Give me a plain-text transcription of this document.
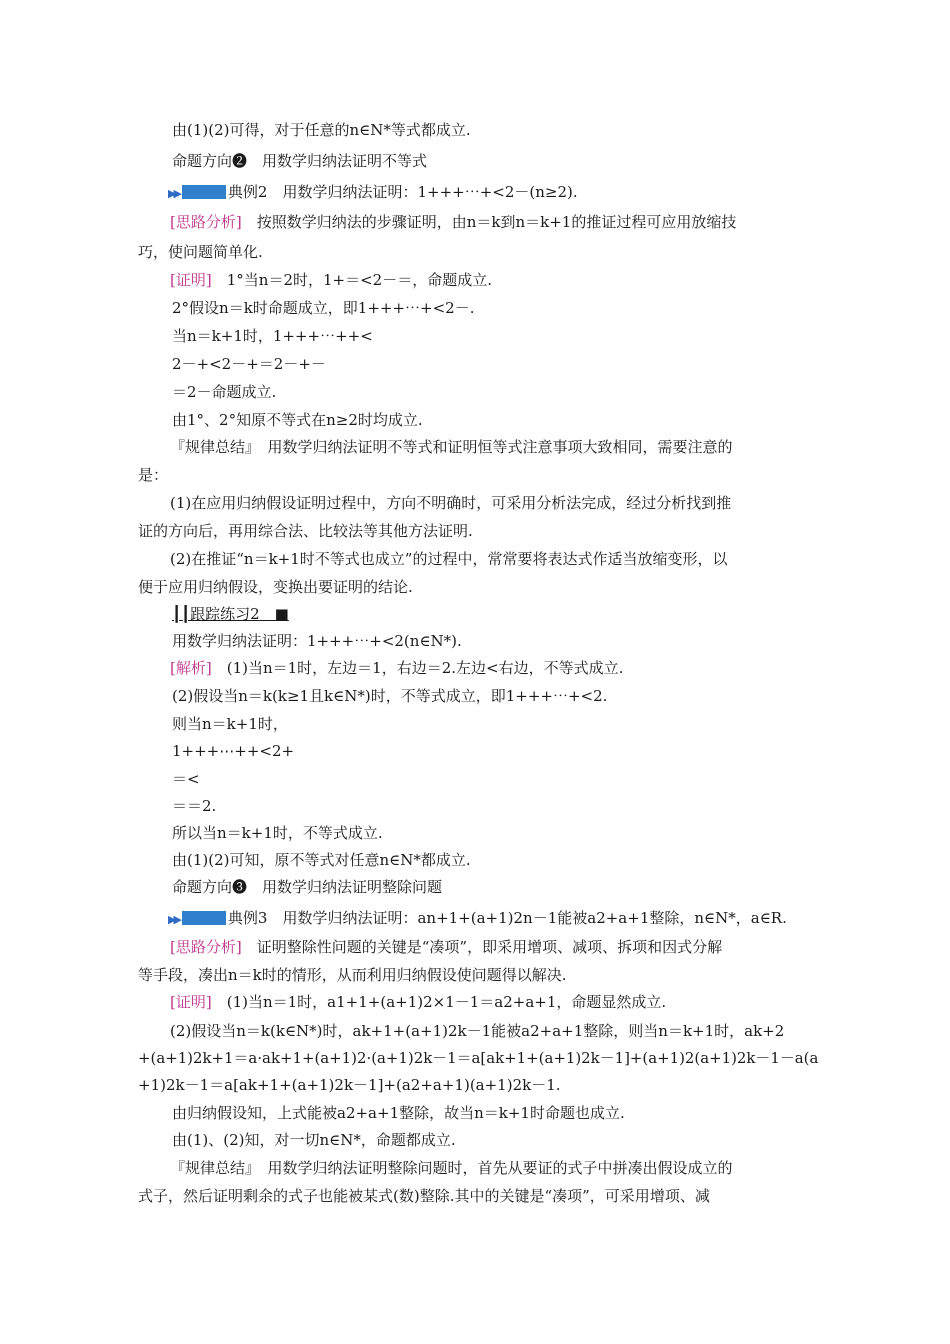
由(1)(2)可得，对于任意的n∈N*等式都成立.
命题方向❷　用数学归纳法证明不等式
▶▶	典例2　用数学归纳法证明：1+++⋯+<2－(n≥2).
[思路分析]　 按照数学归纳法的步骤证明，由n＝k到n＝k+1的推证过程可应用放缩技
巧，使问题简单化.
[证明]　 1°当n＝2时，1+＝<2－＝，命题成立.
2°假设n＝k时命题成立，即1+++⋯+<2－.
当n＝k+1时，1+++⋯++<
2－+<2－+＝2－+－
＝2－命题成立.
由1°、2°知原不等式在n≥2时均成立.
『规律总结』　 用数学归纳法证明不等式和证明恒等式注意事项大致相同，需要注意的
是：
(1)在应用归纳假设证明过程中，方向不明确时，可采用分析法完成，经过分析找到推
证的方向后，再用综合法、比较法等其他方法证明.
(2)在推证“n＝k+1时不等式也成立”的过程中，常常要将表达式作适当放缩变形，以
便于应用归纳假设，变换出要证明的结论.
┃┃跟踪练习2　 ■
用数学归纳法证明：1+++⋯+<2(n∈N*).
[解析]　 (1)当n＝1时，左边＝1，右边＝2.左边<右边，不等式成立.
(2)假设当n＝k(k≥1且k∈N*)时，不等式成立，即1+++⋯+<2.
则当n＝k+1时，
1+++⋯++<2+
＝<
＝＝2.
所以当n＝k+1时，不等式成立.
由(1)(2)可知，原不等式对任意n∈N*都成立.
命题方向❸　用数学归纳法证明整除问题
▶▶	典例3　用数学归纳法证明：an+1+(a+1)2n－1能被a2+a+1整除，n∈N*，a∈R.
[思路分析]　 证明整除性问题的关键是“凑项”，即采用增项、减项、拆项和因式分解
等手段，凑出n＝k时的情形，从而利用归纳假设使问题得以解决.
[证明]　 (1)当n＝1时，a1+1+(a+1)2×1－1＝a2+a+1，命题显然成立.
(2)假设当n＝k(k∈N*)时，ak+1+(a+1)2k－1能被a2+a+1整除，则当n＝k+1时，ak+2
+(a+1)2k+1＝a·ak+1+(a+1)2·(a+1)2k－1＝a[ak+1+(a+1)2k－1]+(a+1)2(a+1)2k－1－a(a
+1)2k－1＝a[ak+1+(a+1)2k－1]+(a2+a+1)(a+1)2k－1.
由归纳假设知，上式能被a2+a+1整除，故当n＝k+1时命题也成立.
由(1)、(2)知，对一切n∈N*，命题都成立.
『规律总结』　 用数学归纳法证明整除问题时，首先从要证的式子中拼凑出假设成立的
式子，然后证明剩余的式子也能被某式(数)整除.其中的关键是“凑项”，可采用增项、减
